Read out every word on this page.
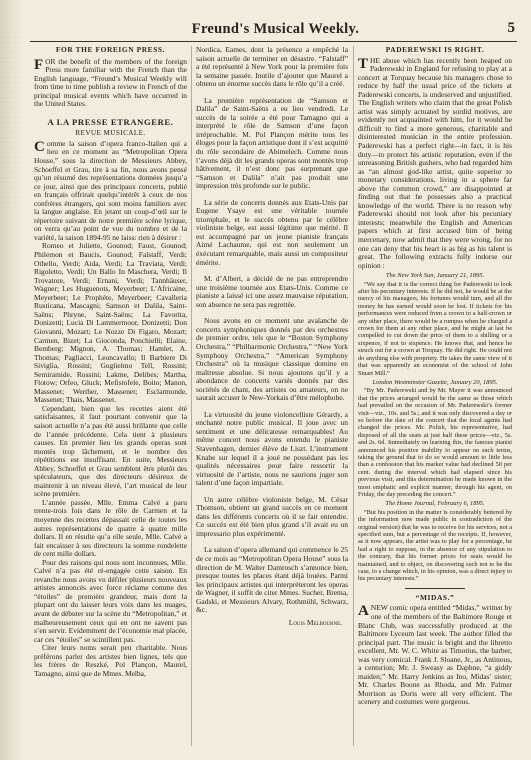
· · · · · · · · · · · · · · · · · · · · · · · · · · · · · · · · · · · · · · · · · · · · · · · · · · · · · · · · · · · · · · · · · · · · · · · · · · · · · · · · · · · · · · · · · · · · · · · · · · · · · · · · · · · · · · · · · · · · · · · · · · · · · · · · · · · · · · · · · · · · · · · · · · · · · · · · · · · · · · · · · · · · · · · · · · · · · · · · · · · · · · · · · · · · · · · · · · · · · · · · · · · · · · · · · · · · · · · · · · · · · · · · · · · · · · · · · · · · · · · · · · · · · · · · · · · · · · · · · · · · · · · · · · · · · · · · · · · · · · · · · · · · · · · · · · · · · · · · · · · · · · · · · · · · · · · · · · · · · · · · · ·
Freund's Musical Weekly.	5
FOR THE FOREIGN PRESS.

FOR the benefit of the members of the foreign Press more familiar with the French than the English language, “Freund’s Musical Weekly will from time to time publish a review in French of the principal musical events which have occurred in the United States.

A LA PRESSE ETRANGERE.
REVUE MUSICALE.

Comme la saison d’opera franco-Italien qui a lieu en ce moment au “Metropolitan Opera House,” sous la direction de Messieurs Abbey, Schoeffel et Grau, tire à sa fin, nous avons pensé qu’un résumé des représentations données jusqu’a ce jour, ainsi que des principaux concerts, publié en français offrirait quelqu’intérêt à ceux de nos confrères étrangers, qui sont moins familiers avec la langue anglaise. En jetant un coup-d’œil sur le répertoire suivant de notre première scène lyrique, on verra qu’au point de vue du nombre et de la variété, la saison 1894-95 ne laiss: rien à désirer :

Romeo et Juliette, Gounod; Faust, Gounod; Philemon et Baucis, Gounod; Falstaff, Verdi; Othello, Verdi; Aida, Verdi; La Traviata, Verdi; Rigoletto, Verdi; Un Ballo In Maschera, Verdi; Il Trovatore, Verdi; Ernani, Verdi; Tannhäuser, Wagner; Les Huguenots, Meyerbeer; L’Africaine, Meyerbeer; Le Prophète, Meyerbeer; Cavalleria Rusticana, Mascagni; Samson et Dalila, Saint-Saëns; Phryne, Saint-Saëns; La Favorita, Donizetti; Lucia Di Lammermoor, Donizetti; Don Giovanni, Mozart; Le Nozze Di Figaro, Mozart; Carmen, Bizet; La Gioconda, Ponchielli; Elaine, Bemberg; Mignon, A. Thomas; Hamlet, A. Thomas; Pagliacci, Leoncavallo; Il Barbiere Di Siviglia, Rossini; Guglielmo Tell, Rossini; Semiramide, Rossini; Lakme, Delibes; Martha, Flotow; Orfeo, Gluck; Mefistofele, Boito; Manon, Massenet; Werther, Massenet; Esclarmonde, Massenet; Thais, Massenet.

Cependant, bien que les recettes aient été satisfaisantes, il faut pourtant convenir que la saison actuelle n’a pas été aussi brillante que celle de l’année précédente. Cela tient à plusieurs causes. En premier lieu les grands operas sont montés trop lâchement, et le nombre des répétitions est insuffisant. En suite, Messieurs Abbey, Schoeffel et Grau semblent être plutôt des spéculateurs, que des directeurs désireux de maintenir à un niveau élevé, l’art musical de leur scène première.

L’année passée, Mlle. Emma Calvé a paru trente-trois fois dans le rôle de Carmen et la moyenne des recettes dépassait celle de toutes les autres représentations de quatre à quatre mille dollars. Il en résulte qu’a elle seule, Mlle. Calvé a fait encaisser à ses directeurs la somme rondelette de cent mille dollars.

Pour des raisons qui nous sont inconnues, Mlle. Calvé n’a pas été ré-engagée cette saison. En revanche nous avons vu défiler plusieurs nouveaux artistes annoncés avec force réclame comme des “étoiles” de première grandeur, mais dont la plupart ont du laisser leurs voix dans les nuages, avant de débuter sur la scène du “Metropolitan,” et malheureusement ceux qui en ont ne savent pas s’en servir. Evidemment de l’économie mal placée, car ces “étoiles” se scintillent pas.

Citer leurs noms serait peu charitable. Nous préférons parler des artistes bien lignes, tels que les frères de Reszké, Pol Plançon, Maurel, Tamagno, ainsi que de Mmes. Melba,

Nordica, Eames, dont la présence a empêché la saison actuelle de terminer en désastre. “Falstaff” a été représenté à New York pour la première fois la semaine passée. Inutile d’ajouter que Maurel a obtenu un énorme succès dans le rôle qu’il a créé.

La première représentation de “Samson et Dalila” de Saint-Saëns a eu lieu vendredi. Le succès de la soirée a été pour Tamagno qui a interprété le rôle de Samson d’une façon irréprochable. M. Pol Plançon mérite tous les éloges pour la façon artistique dont il s’est acquitté du rôle secondaire de Abimelech. Comme nous l’avons déjà dit les grands operas sont montés trop hâtivement, il n’est donc pas surprenant que “Samson et Dalila” n’ait pas produit une impression très profonde sur le public.

La série de concerts donnés aux Etats-Unis par Eugene Ysaye est une véritable tournée triomphale, et le succès obtenu par le célèbre violiniste belge, est aussi légitime que mérité. Il est accompagné par un jeune pianiste français Aimé Lachaume, qui est non seulement un éxécutant remarquable, mais aussi un compositeur émérite.

M. d’Albert, a décidé de ne pas entreprendre une troisième tournée aux Etats-Unis. Comme ce pianiste a laissé ici une assez mauvaise réputation, son absence ne sera pas regrettée.

Nous avons en ce moment une avalanche de concerts symphoniques donnés par des orchestres de premier ordre, tels que le “Boston Symphony Orchestra,” “Philharmonic Orchestra,” “New York Symphony Orchestra,” “American Symphony Orchestra” où la musique classique domine en maîtresse absolue. Si nous ajoutons qu’il y a abondance de concerts variés donnés par des sociétés de chant, des artistes ou amateurs, on ne saurait accuser le New-Yorkais d’être mélophobe.

La virtuosité du jeune violoncelliste Gérardy, a enchanté notre public musical. Il joue avec un sentiment et une délicatesse remarquables! Au même concert nous avons entendu le pianiste Stavenhagen, dernier élève de Liszt. L’instrument Knabe sur lequel il a joué ne possédant pas les qualités nécessaires pour faire ressortir la virtuosité de l’artiste, nous ne saurions juger son talent d’une façon impartiale.

Un autre célèbre violoniste belge, M. César Thomson, obtient un grand succès en ce moment dans les différents concerts où il se fait entendre. Ce succès est été bien plus grand s’il avait eu un impressario plus expérimenté.

La saison d’opera allemand qui commence le 25 de ce mois au “Metropolitan Opera House” sous la direction de M. Walter Damrosch s’annonce bien, presque toutes les places étant déjà louées. Parmi les principaux artistes qui interpréteront les operas de Wagner, il suffit de citer Mmes. Sucher, Brema, Gadski, et Messieurs Alvary, Rothmühl, Schwarz, &c.

Louis Melbourne.
PADEREWSKI IS RIGHT.

THE abuse which has recently been heaped on Paderewski in England for refusing to play at a concert at Torquay because his managers chose to reduce by half the usual price of the tickets at Paderewski concerts, is undeserved and unjustified. The English writers who claim that the great Polish artist was simply actuated by sordid motives, are evidently not acquainted with him, for it would be difficult to find a more generous, charitable and disinterested musician in the entire profession. Paderewski has a perfect right—in fact, it is his duty—to protect his artistic reputation, even if the unreasoning British gushers, who had regarded him as “an almost god-like artist, quite superior to monetary considerations, living in a sphere far above the common crowd,” are disappointed at finding out that he possesses also a practical knowledge of the world. There is no reason why Paderewski should not look after his pecuniary interests; meanwhile the English and American papers which at first accused him of being mercenary, now admit that they were wrong, for no one can deny that his heart is as big as his talent is great. The following extracts fully indorse our opinion :

The New York Sun, January 21, 1895.

“We say that it is the correct thing for Paderewski to look after his pecuniary interests. If he did not, he would be at the mercy of his managers, his fortunes would turn, and all the money he has earned would soon be lost. If tickets for his performances were reduced from a crown to a half-crown or any other place, there would be a rumpus when he charged a crown for them at any other place, and he might at last be compelled to cut down the price of them to a shilling or a sixpence, if not to sixpence. He knows that, and hence he struck out for a crown at Torquay. He did right. He could not do anything else with propriety. He takes the same view of it that was apparently an economist of the school of John Stuart Mill.”

London Westminster Gazette, January 20, 1895.

“By Mr. Paderewski and by Mr. Mayer it was announced that the prices arranged would be the same as those which had prevailed on the occasion of Mr. Paderewski’s former visit—viz., 10s. and 5s.; and it was only discovered a day or so before the date of the concert that the local agents had changed the prices. Mr. Polish, his representative, had disposed of all the seats at just half these prices—viz., 5s. and 2s. 6d. Immediately on learning this, the famous pianist announced his positive inability to appear on such terms, taking the ground that to do so would amount to little less than a confession that his market value had declined 50 per cent. during the interval which had elapsed since his previous visit, and this determination he made known in the most emphatic and explicit manner, through his agent, on Friday, the day preceding the concert.”

The Home Journal, February 6, 1895.

“But his position in the matter is considerably bettered by the information now made public in contradiction of the original version) that he was to receive for his services, not a specified sum, but a percentage of the receipts. If, however, as it now appears, the artist was to play for a percentage, he had a right to suppose, in the absence of any stipulation to the contrary, that his former prices for seats would be maintained, and to object, on discovering such not to be the case, to a change which, in his opinion, was a direct injury to his pecuniary interests.”

“MIDAS.”

ANEW comic opera entitled “Midas,” written by one of the members of the Baltimore Rouge et Blanc Club, was successfully produced at the Baltimore Lyceum last week. The author filled the principal part. The music is bright and the libretto excellent, Mr. W. C. White as Timotius, the barber, was very comical. Frank J. Sloane, Jr., as Antinous, a centurion; Mr. J. Sweasy as Daphne, “a giddy maiden;” Mr. Harry Jenkins as Ino, Midas’ sister; Mr. Charles Boone as Rhoda, and Mr. Palmer Morrison as Doris were all very efficient. The scenery and costumes were gorgeous.
